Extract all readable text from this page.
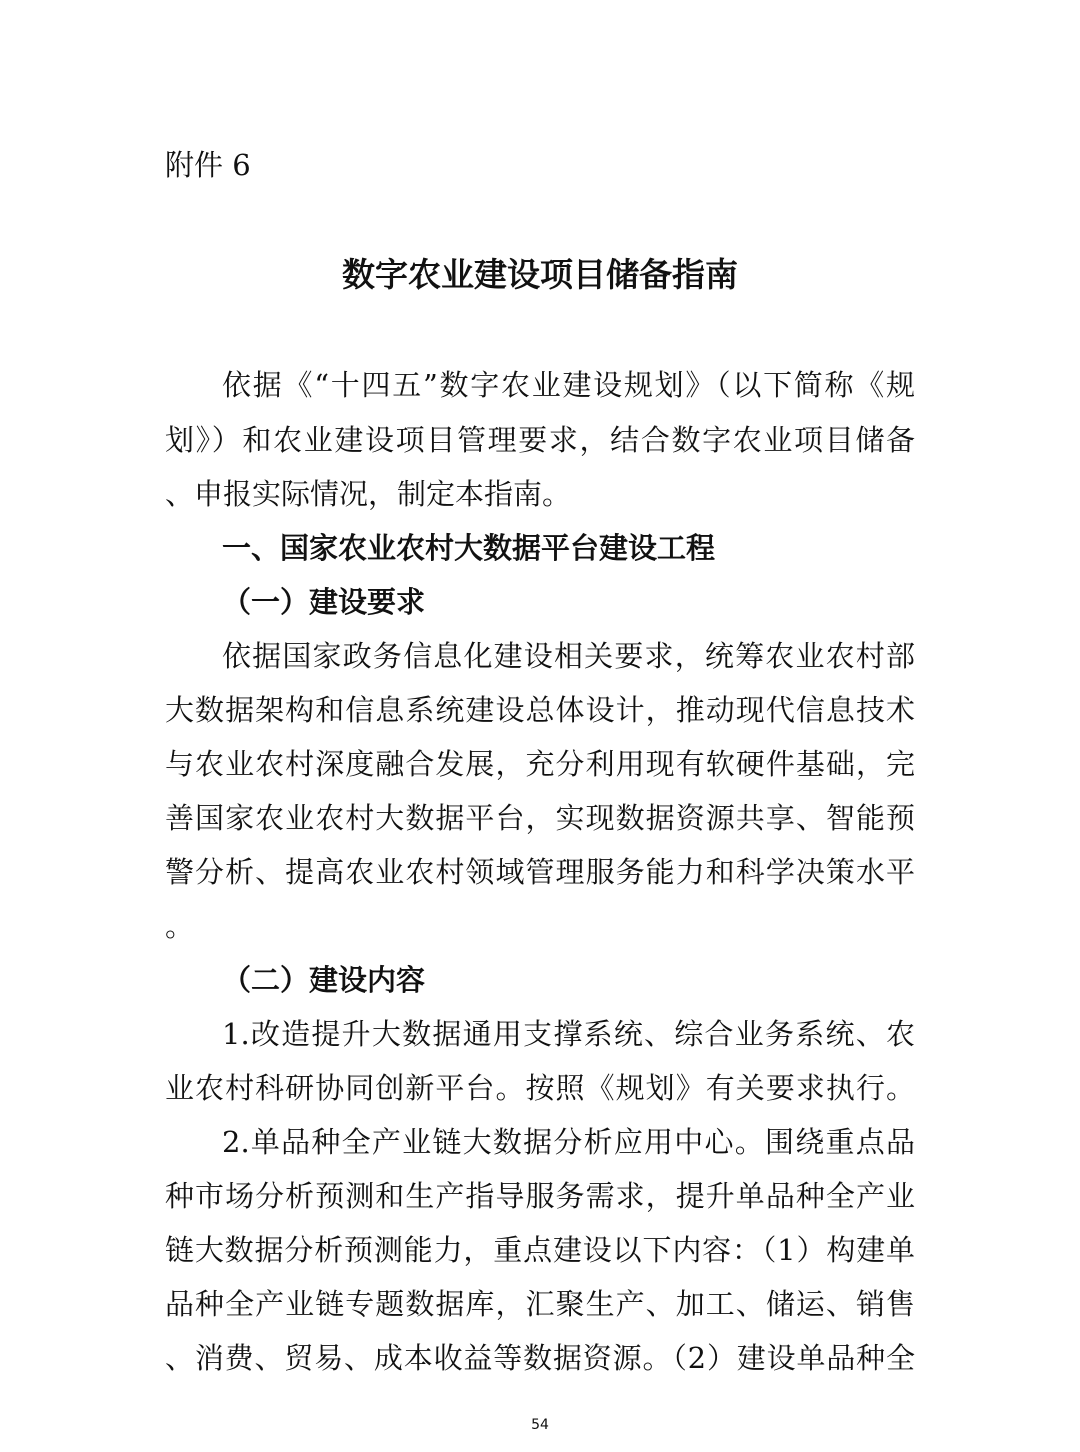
附件 6
数字农业建设项目储备指南
依据《“十四五”数字农业建设规划》（以下简称《规
划》）和农业建设项目管理要求，结合数字农业项目储备
、申报实际情况，制定本指南。
一、国家农业农村大数据平台建设工程
（一）建设要求
依据国家政务信息化建设相关要求，统筹农业农村部
大数据架构和信息系统建设总体设计，推动现代信息技术
与农业农村深度融合发展，充分利用现有软硬件基础，完
善国家农业农村大数据平台，实现数据资源共享、智能预
警分析、提高农业农村领域管理服务能力和科学决策水平
。
（二）建设内容
1.改造提升大数据通用支撑系统、综合业务系统、农
业农村科研协同创新平台。按照《规划》有关要求执行。
2.单品种全产业链大数据分析应用中心。围绕重点品
种市场分析预测和生产指导服务需求，提升单品种全产业
链大数据分析预测能力，重点建设以下内容：（1）构建单
品种全产业链专题数据库，汇聚生产、加工、储运、销售
、消费、贸易、成本收益等数据资源。（2）建设单品种全
54
